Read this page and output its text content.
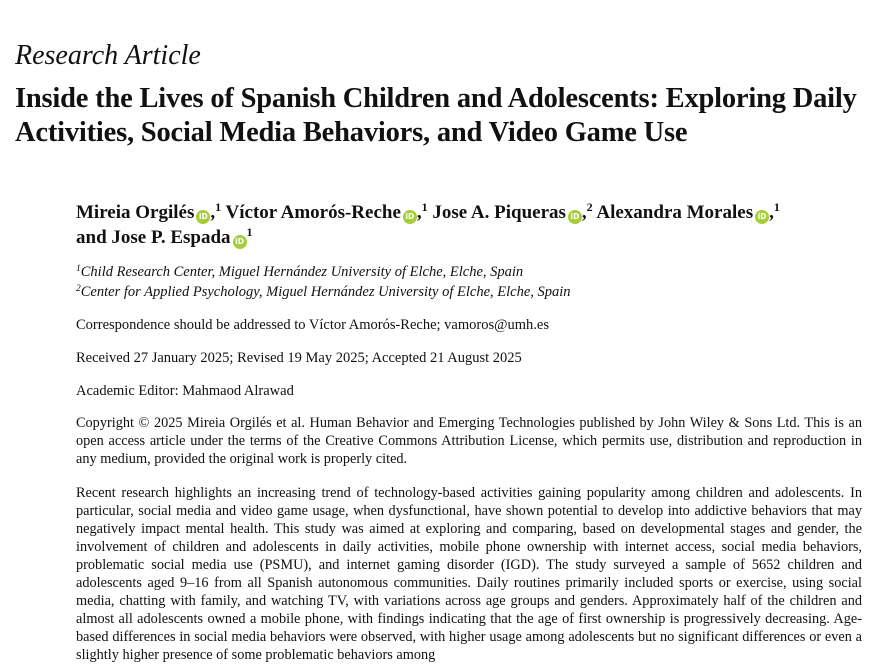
Research Article
Inside the Lives of Spanish Children and Adolescents: Exploring Daily Activities, Social Media Behaviors, and Video Game Use
Mireia Orgilés iD ,$^1$ Víctor Amorós-Reche iD ,$^1$ Jose A. Piqueras iD ,$^2$ Alexandra Morales iD ,$^1$
and Jose P. Espada iD$^1$
$^1$Child Research Center, Miguel Hernández University of Elche, Elche, Spain
$^2$Center for Applied Psychology, Miguel Hernández University of Elche, Elche, Spain
Correspondence should be addressed to Víctor Amorós-Reche; vamoros@umh.es
Received 27 January 2025; Revised 19 May 2025; Accepted 21 August 2025
Academic Editor: Mahmaod Alrawad
Copyright © 2025 Mireia Orgilés et al. Human Behavior and Emerging Technologies published by John Wiley & Sons Ltd. This is an open access article under the terms of the Creative Commons Attribution License, which permits use, distribution and reproduction in any medium, provided the original work is properly cited.
Recent research highlights an increasing trend of technology-based activities gaining popularity among children and adolescents. In particular, social media and video game usage, when dysfunctional, have shown potential to develop into addictive behaviors that may negatively impact mental health. This study was aimed at exploring and comparing, based on developmental stages and gender, the involvement of children and adolescents in daily activities, mobile phone ownership with internet access, social media behaviors, problematic social media use (PSMU), and internet gaming disorder (IGD). The study surveyed a sample of 5652 children and adolescents aged 9–16 from all Spanish autonomous communities. Daily routines primarily included sports or exercise, using social media, chatting with family, and watching TV, with variations across age groups and genders. Approximately half of the children and almost all adolescents owned a mobile phone, with findings indicating that the age of first ownership is progressively decreasing. Age-based differences in social media behaviors were observed, with higher usage among adolescents but no significant differences or even a slightly higher presence of some problematic behaviors among
